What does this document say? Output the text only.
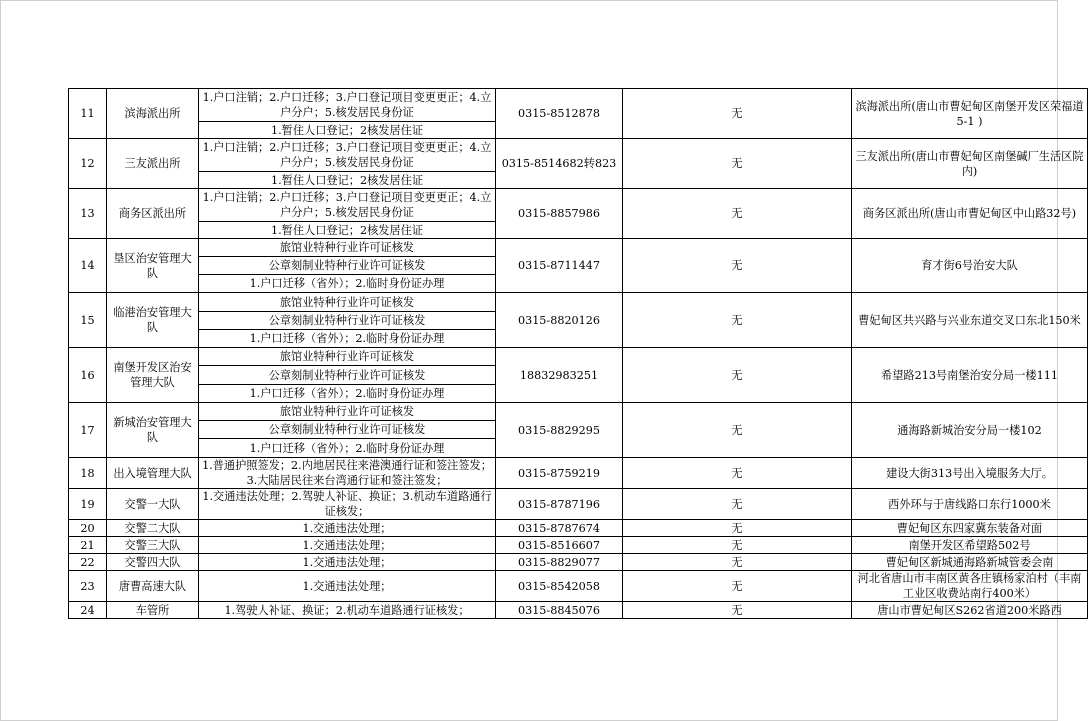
11	滨海派出所	1.户口注销；2.户口迁移；3.户口登记项目变更更正；4.立户分户；5.核发居民身份证	0315-8512878	无	滨海派出所(唐山市曹妃甸区南堡开发区荣福道5-1 )
		1.暂住人口登记；2核发居住证			
12	三友派出所	1.户口注销；2.户口迁移；3.户口登记项目变更更正；4.立户分户；5.核发居民身份证	0315-8514682转823	无	三友派出所(唐山市曹妃甸区南堡碱厂生活区院内)
		1.暂住人口登记；2核发居住证			
13	商务区派出所	1.户口注销；2.户口迁移；3.户口登记项目变更更正；4.立户分户；5.核发居民身份证	0315-8857986	无	商务区派出所(唐山市曹妃甸区中山路32号)
		1.暂住人口登记；2核发居住证			
14	垦区治安管理大队	旅馆业特种行业许可证核发	0315-8711447	无	育才街6号治安大队
		公章刻制业特种行业许可证核发			
		1.户口迁移（省外）；2.临时身份证办理			
15	临港治安管理大队	旅馆业特种行业许可证核发	0315-8820126	无	曹妃甸区共兴路与兴业东道交叉口东北150米
		公章刻制业特种行业许可证核发			
		1.户口迁移（省外）；2.临时身份证办理			
16	南堡开发区治安管理大队	旅馆业特种行业许可证核发	18832983251	无	希望路213号南堡治安分局一楼111
		公章刻制业特种行业许可证核发			
		1.户口迁移（省外）；2.临时身份证办理			
17	新城治安管理大队	旅馆业特种行业许可证核发	0315-8829295	无	通海路新城治安分局一楼102
		公章刻制业特种行业许可证核发			
		1.户口迁移（省外）；2.临时身份证办理			
18	出入境管理大队	1.普通护照签发；2.内地居民往来港澳通行证和签注签发；3.大陆居民往来台湾通行证和签注签发；	0315-8759219	无	建设大街313号出入境服务大厅。
19	交警一大队	1.交通违法处理；2.驾驶人补证、换证；3.机动车道路通行证核发；	0315-8787196	无	西外环与于唐线路口东行1000米
20	交警二大队	1.交通违法处理；	0315-8787674	无	曹妃甸区东四家冀东装备对面
21	交警三大队	1.交通违法处理；	0315-8516607	无	南堡开发区希望路502号
22	交警四大队	1.交通违法处理；	0315-8829077	无	曹妃甸区新城通海路新城管委会南
23	唐曹高速大队	1.交通违法处理；	0315-8542058	无	河北省唐山市丰南区黄各庄镇杨家泊村（丰南工业区收费站南行400米）
24	车管所	1.驾驶人补证、换证；2.机动车道路通行证核发；	0315-8845076	无	唐山市曹妃甸区S262省道200米路西
